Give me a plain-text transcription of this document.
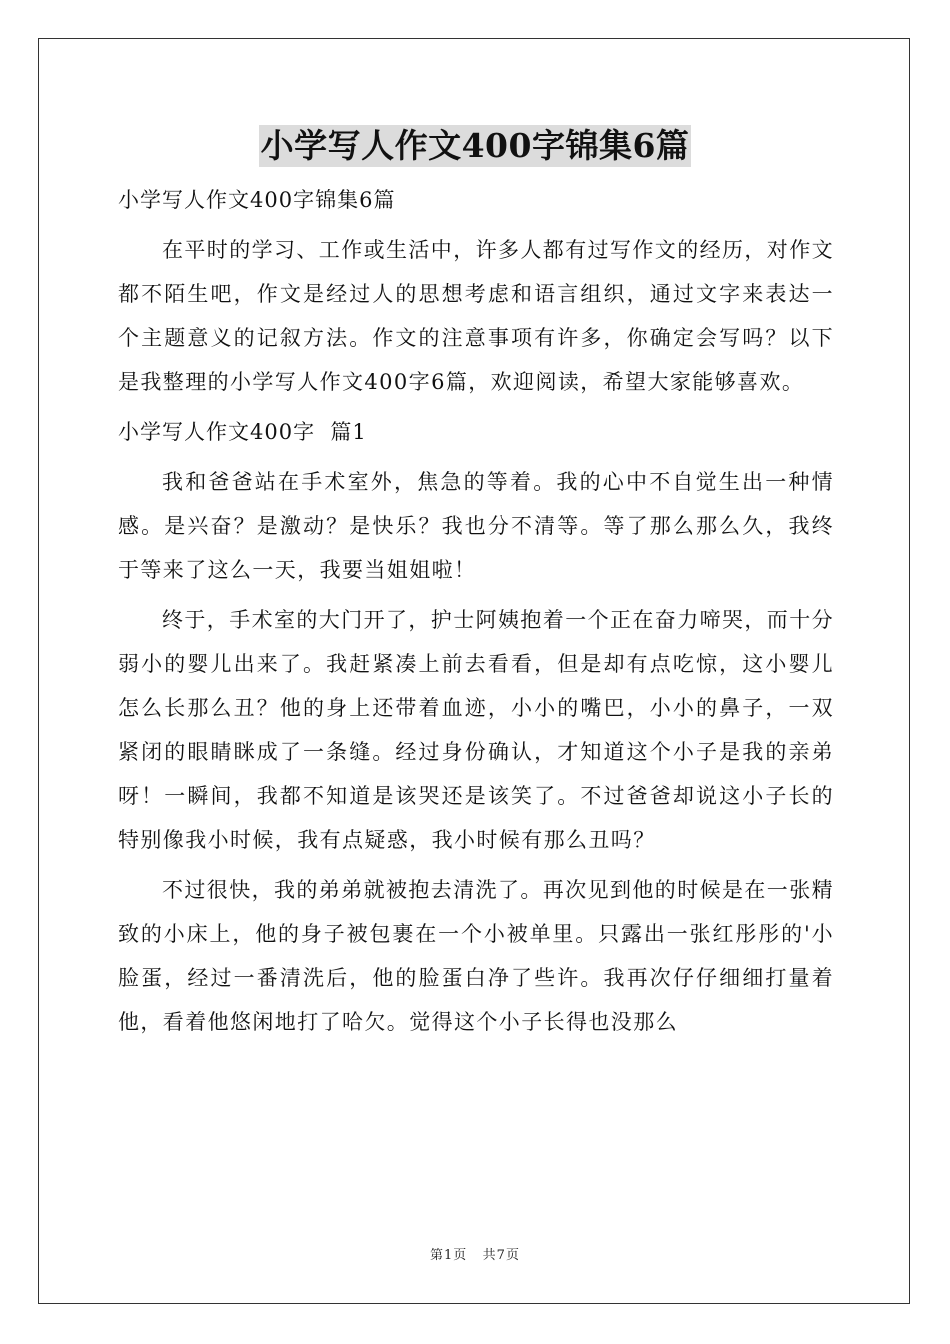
小学写人作文400字锦集6篇

小学写人作文400字锦集6篇

在平时的学习、工作或生活中，许多人都有过写作文的经历，对作文都不陌生吧，作文是经过人的思想考虑和语言组织，通过文字来表达一个主题意义的记叙方法。作文的注意事项有许多，你确定会写吗？以下是我整理的小学写人作文400字6篇，欢迎阅读，希望大家能够喜欢。

小学写人作文400字  篇1

我和爸爸站在手术室外，焦急的等着。我的心中不自觉生出一种情感。是兴奋？是激动？是快乐？我也分不清等。等了那么那么久，我终于等来了这么一天，我要当姐姐啦！

终于，手术室的大门开了，护士阿姨抱着一个正在奋力啼哭，而十分弱小的婴儿出来了。我赶紧凑上前去看看，但是却有点吃惊，这小婴儿怎么长那么丑？他的身上还带着血迹，小小的嘴巴，小小的鼻子，一双紧闭的眼睛眯成了一条缝。经过身份确认，才知道这个小子是我的亲弟呀！一瞬间，我都不知道是该哭还是该笑了。不过爸爸却说这小子长的特别像我小时候，我有点疑惑，我小时候有那么丑吗？

不过很快，我的弟弟就被抱去清洗了。再次见到他的时候是在一张精致的小床上，他的身子被包裹在一个小被单里。只露出一张红彤彤的'小脸蛋，经过一番清洗后，他的脸蛋白净了些许。我再次仔仔细细打量着他，看着他悠闲地打了哈欠。觉得这个小子长得也没那么

第1页   共7页
